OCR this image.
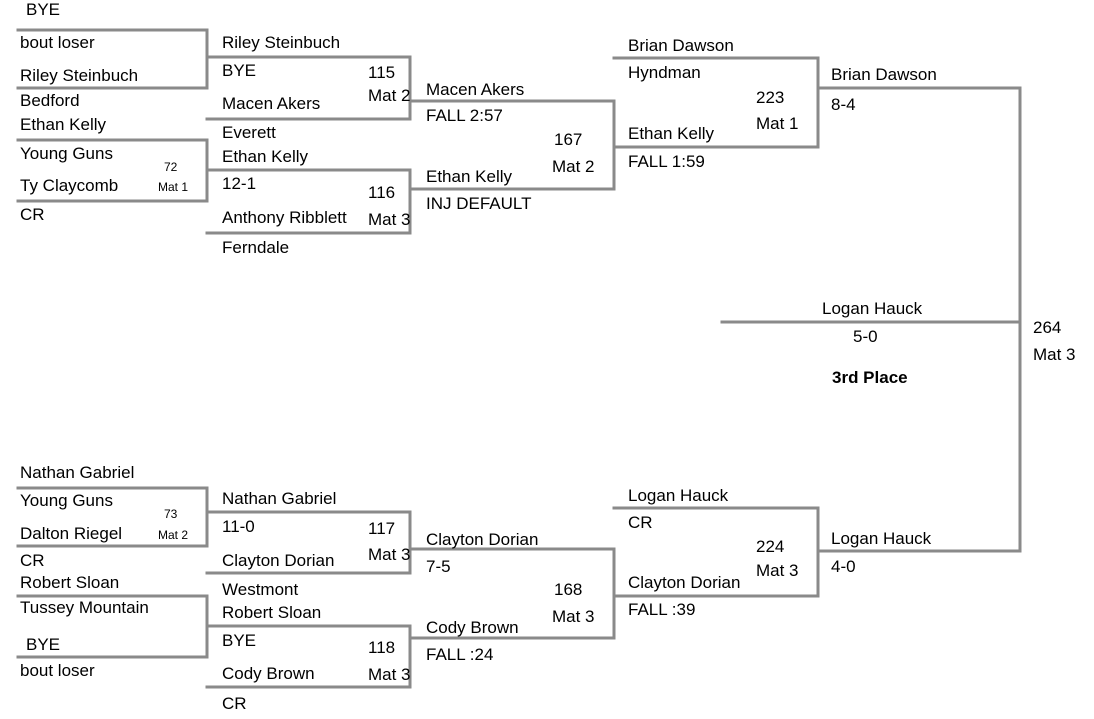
BYE
bout loser
Riley Steinbuch
Bedford
Ethan Kelly
Young Guns
72
Mat 1
Ty Claycomb
CR
Riley Steinbuch
BYE	115
Mat 2
Macen Akers
Everett
Ethan Kelly
12-1	116
Mat 3
Anthony Ribblett
Ferndale
Macen Akers
FALL 2:57
167
Mat 2
Ethan Kelly
INJ DEFAULT
Brian Dawson
Hyndman
223
Mat 1
Ethan Kelly
FALL 1:59
Brian Dawson
8-4
Logan Hauck
5-0
3rd Place
264
Mat 3
Nathan Gabriel
Young Guns
73
Mat 2
Dalton Riegel
CR
Robert Sloan
Tussey Mountain
BYE
bout loser
Nathan Gabriel
11-0	117
Mat 3
Clayton Dorian
Westmont
Robert Sloan
BYE	118
Mat 3
Cody Brown
CR
Clayton Dorian
7-5
168
Mat 3
Cody Brown
FALL :24
Logan Hauck
CR
224
Mat 3
Clayton Dorian
FALL :39
Logan Hauck
4-0
